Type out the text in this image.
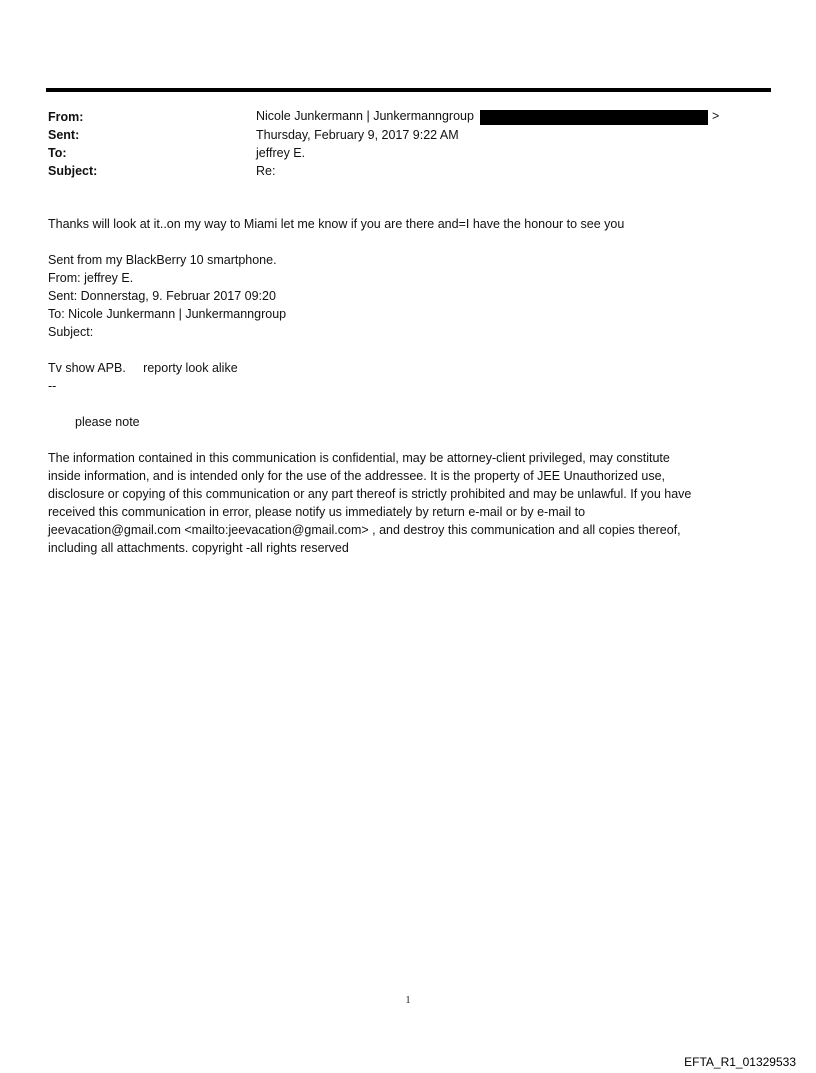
From:	Nicole Junkermann | Junkermanngroup	>
Sent:	Thursday, February 9, 2017 9:22 AM
To:	jeffrey E.
Subject:	Re:

Thanks will look at it..on my way to Miami let me know if you are there and=I have the honour to see you

Sent from my BlackBerry 10 smartphone.

From: jeffrey E.

Sent: Donnerstag, 9. Februar 2017 09:20

To: Nicole Junkermann | Junkermanngroup

Subject:

Tv show APB.     reporty look alike

--

please note

The information contained in this communication is confidential, may be attorney-client privileged, may constitute

inside information, and is intended only for the use of the addressee. It is the property of JEE Unauthorized use,

disclosure or copying of this communication or any part thereof is strictly prohibited and may be unlawful. If you have

received this communication in error, please notify us immediately by return e-mail or by e-mail to

jeevacation@gmail.com <mailto:jeevacation@gmail.com> , and destroy this communication and all copies thereof,

including all attachments. copyright -all rights reserved

1
EFTA_R1_01329533
